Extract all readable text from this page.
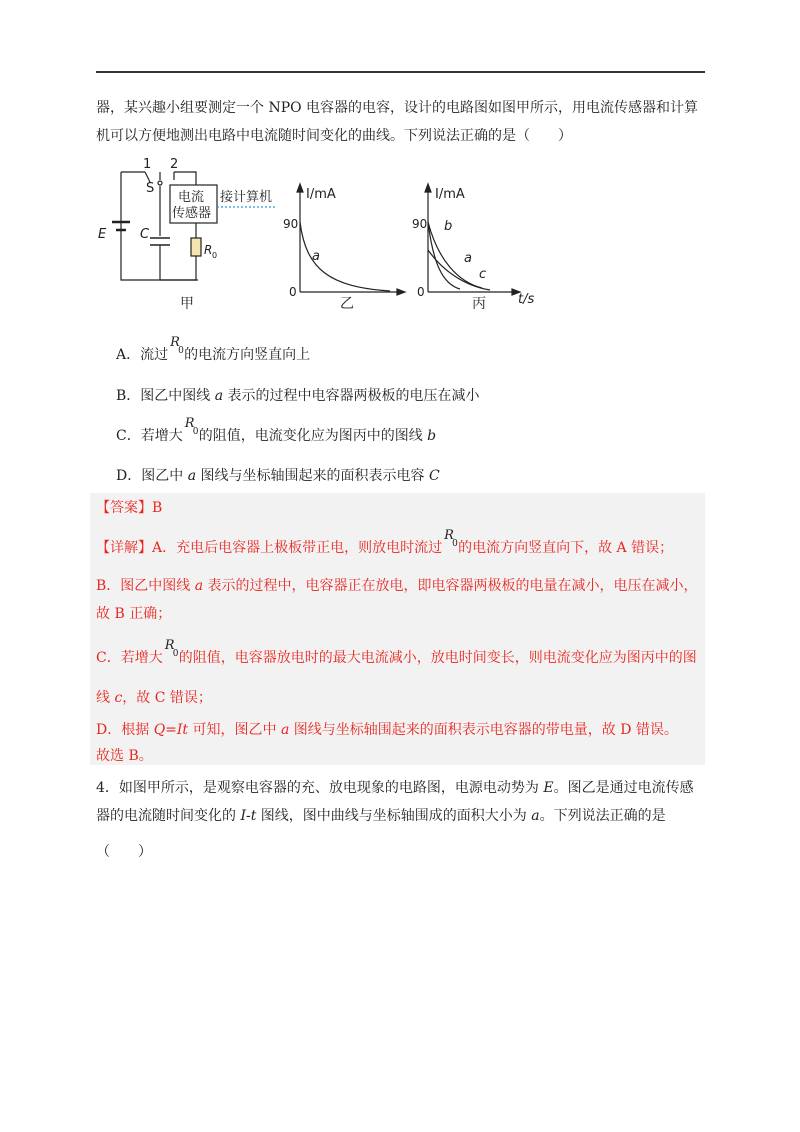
器，某兴趣小组要测定一个 NPO 电容器的电容，设计的电路图如图甲所示，用电流传感器和计算
机可以方便地测出电路中电流随时间变化的曲线。下列说法正确的是（　　）
1 2
S
E	C
电流
传感器
接计算机
R 0
甲
I/mA
90
0
a
乙
I/mA
90
0
b
a
c
t/s
丙
A．流过
R
0 的电流方向竖直向上
B．图乙中图线 a 表示的过程中电容器两极板的电压在减小
C．若增大
R
0 的阻值，电流变化应为图丙中的图线 b
D．图乙中 a 图线与坐标轴围起来的面积表示电容 C
【答案】B
【详解】A．充电后电容器上极板带正电，则放电时流过
R
0 的电流方向竖直向下，故 A 错误；
B．图乙中图线 a 表示的过程中，电容器正在放电，即电容器两极板的电量在减小，电压在减小，
故 B 正确；
C．若增大
R
0 的阻值，电容器放电时的最大电流减小，放电时间变长，则电流变化应为图丙中的图
线 c，故 C 错误；
D．根据 Q=It 可知，图乙中 a 图线与坐标轴围起来的面积表示电容器的带电量，故 D 错误。
故选 B。
4．如图甲所示，是观察电容器的充、放电现象的电路图，电源电动势为 E。图乙是通过电流传感
器的电流随时间变化的 I-t 图线，图中曲线与坐标轴围成的面积大小为 a。下列说法正确的是
（　　）
